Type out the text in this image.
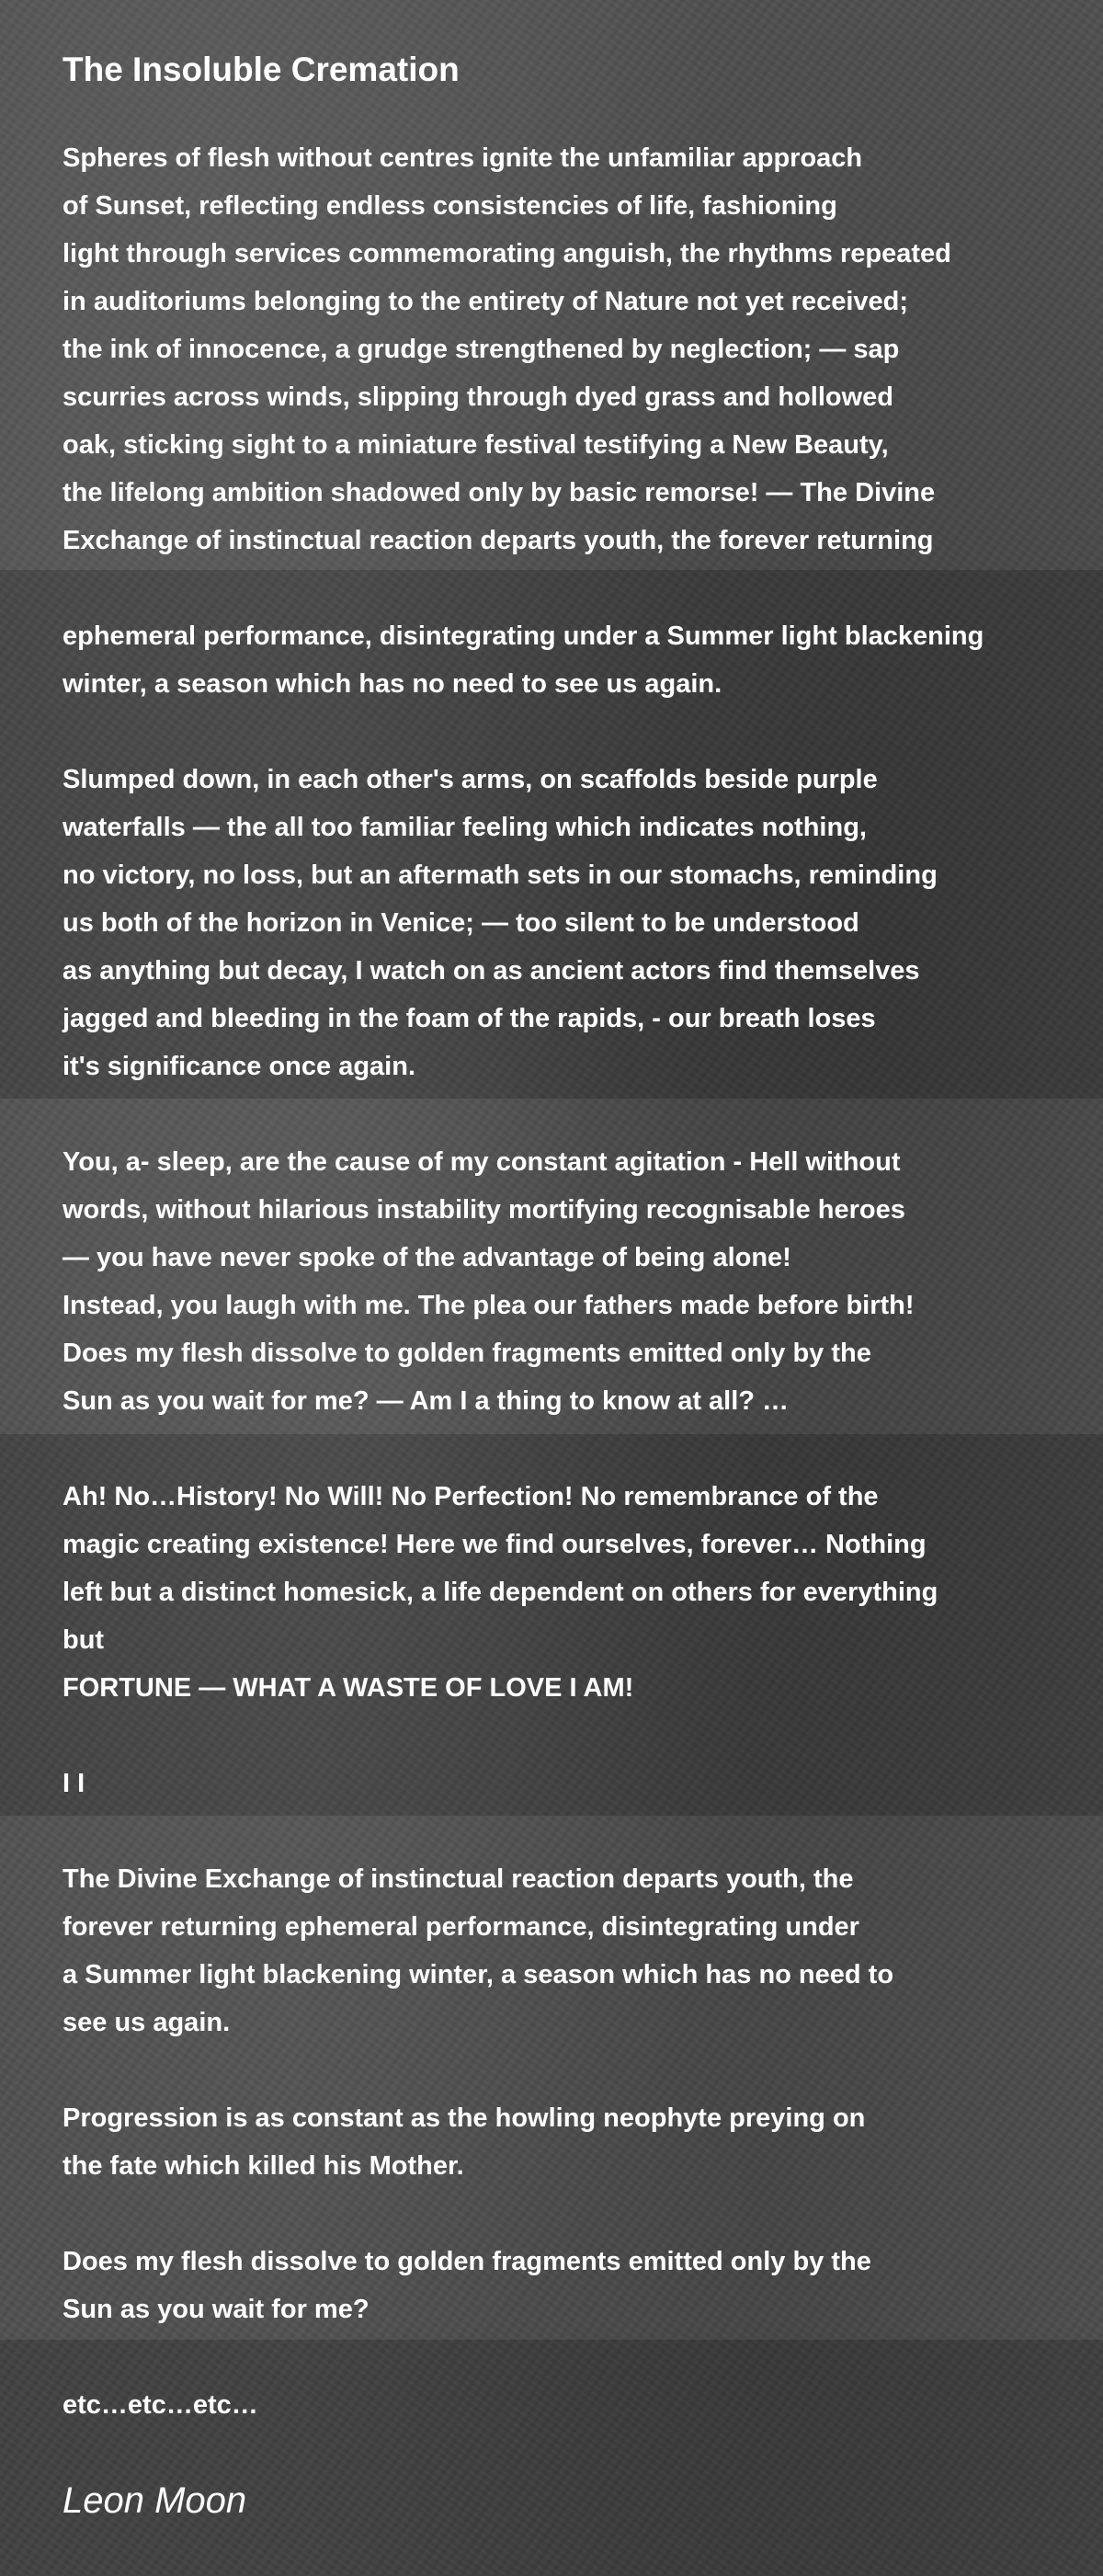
The Insoluble Cremation

Spheres of flesh without centres ignite the unfamiliar approach
of Sunset, reflecting endless consistencies of life, fashioning
light through services commemorating anguish, the rhythms repeated
in auditoriums belonging to the entirety of Nature not yet received;
the ink of innocence, a grudge strengthened by neglection; — sap
scurries across winds, slipping through dyed grass and hollowed
oak, sticking sight to a miniature festival testifying a New Beauty,
the lifelong ambition shadowed only by basic remorse! — The Divine
Exchange of instinctual reaction departs youth, the forever returning

ephemeral performance, disintegrating under a Summer light blackening
winter, a season which has no need to see us again.

Slumped down, in each other's arms, on scaffolds beside purple
waterfalls — the all too familiar feeling which indicates nothing,
no victory, no loss, but an aftermath sets in our stomachs, reminding
us both of the horizon in Venice; — too silent to be understood
as anything but decay, I watch on as ancient actors find themselves
jagged and bleeding in the foam of the rapids, - our breath loses
it's significance once again.

You, a- sleep, are the cause of my constant agitation - Hell without
words, without hilarious instability mortifying recognisable heroes
— you have never spoke of the advantage of being alone!
Instead, you laugh with me. The plea our fathers made before birth!
Does my flesh dissolve to golden fragments emitted only by the
Sun as you wait for me? — Am I a thing to know at all? …

Ah! No…History! No Will! No Perfection! No remembrance of the
magic creating existence! Here we find ourselves, forever… Nothing
left but a distinct homesick, a life dependent on others for everything
but
FORTUNE — WHAT A WASTE OF LOVE I AM!

I I

The Divine Exchange of instinctual reaction departs youth, the
forever returning ephemeral performance, disintegrating under
a Summer light blackening winter, a season which has no need to
see us again.

Progression is as constant as the howling neophyte preying on
the fate which killed his Mother.

Does my flesh dissolve to golden fragments emitted only by the
Sun as you wait for me?

etc…etc…etc…

Leon Moon
